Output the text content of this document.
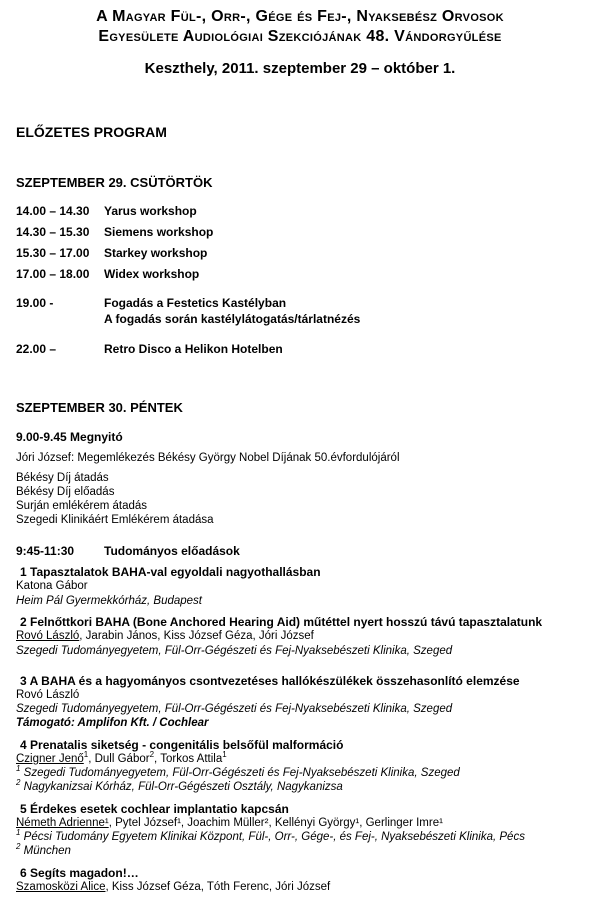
A Magyar Fül-, Orr-, Gége és Fej-, Nyaksebész Orvosok
Egyesülete Audiológiai Szekciójának 48. Vándorgyűlése
Keszthely, 2011. szeptember 29 – október 1.
ELŐZETES PROGRAM
SZEPTEMBER 29. CSÜTÖRTÖK
14.00 – 14.30 Yarus workshop
14.30 – 15.30 Siemens workshop
15.30 – 17.00 Starkey workshop
17.00 – 18.00 Widex workshop
19.00 -	Fogadás a Festetics Kastélyban
A fogadás során kastélylátogatás/tárlatnézés
22.00 –	Retro Disco a Helikon Hotelben
SZEPTEMBER 30. PÉNTEK
9.00-9.45 Megnyitó
Jóri József: Megemlékezés Békésy György Nobel Díjának 50.évfordulójáról
Békésy Díj átadás
Békésy Díj előadás
Surján emlékérem átadás
Szegedi Klinikáért Emlékérem átadása
9:45-11:30 Tudományos előadások
1 Tapasztalatok BAHA-val egyoldali nagyothallásban
Katona Gábor
Heim Pál Gyermekkórház, Budapest
2 Felnőttkori BAHA (Bone Anchored Hearing Aid) műtéttel nyert hosszú távú tapasztalatunk
Rovó László, Jarabin János, Kiss József Géza, Jóri József
Szegedi Tudományegyetem, Fül-Orr-Gégészeti és Fej-Nyaksebészeti Klinika, Szeged
3 A BAHA és a hagyományos csontvezetéses hallókészülékek összehasonlító elemzése
Rovó László
Szegedi Tudományegyetem, Fül-Orr-Gégészeti és Fej-Nyaksebészeti Klinika, Szeged
Támogató: Amplifon Kft. / Cochlear
4 Prenatalis siketség - congenitális belsőfül malformáció
Czigner Jenő$^1$, Dull Gábor$^2$, Torkos Attila$^1$
$^1$ Szegedi Tudományegyetem, Fül-Orr-Gégészeti és Fej-Nyaksebészeti Klinika, Szeged
$^2$ Nagykanizsai Kórház, Fül-Orr-Gégészeti Osztály, Nagykanizsa
5 Érdekes esetek cochlear implantatio kapcsán
Németh Adrienne¹, Pytel József¹, Joachim Müller², Kellényi György¹, Gerlinger Imre¹
$^1$ Pécsi Tudomány Egyetem Klinikai Központ, Fül-, Orr-, Gége-, és Fej-, Nyaksebészeti Klinika, Pécs
$^2$ München
6 Segíts magadon!…
Szamosközi Alice, Kiss József Géza, Tóth Ferenc, Jóri József
